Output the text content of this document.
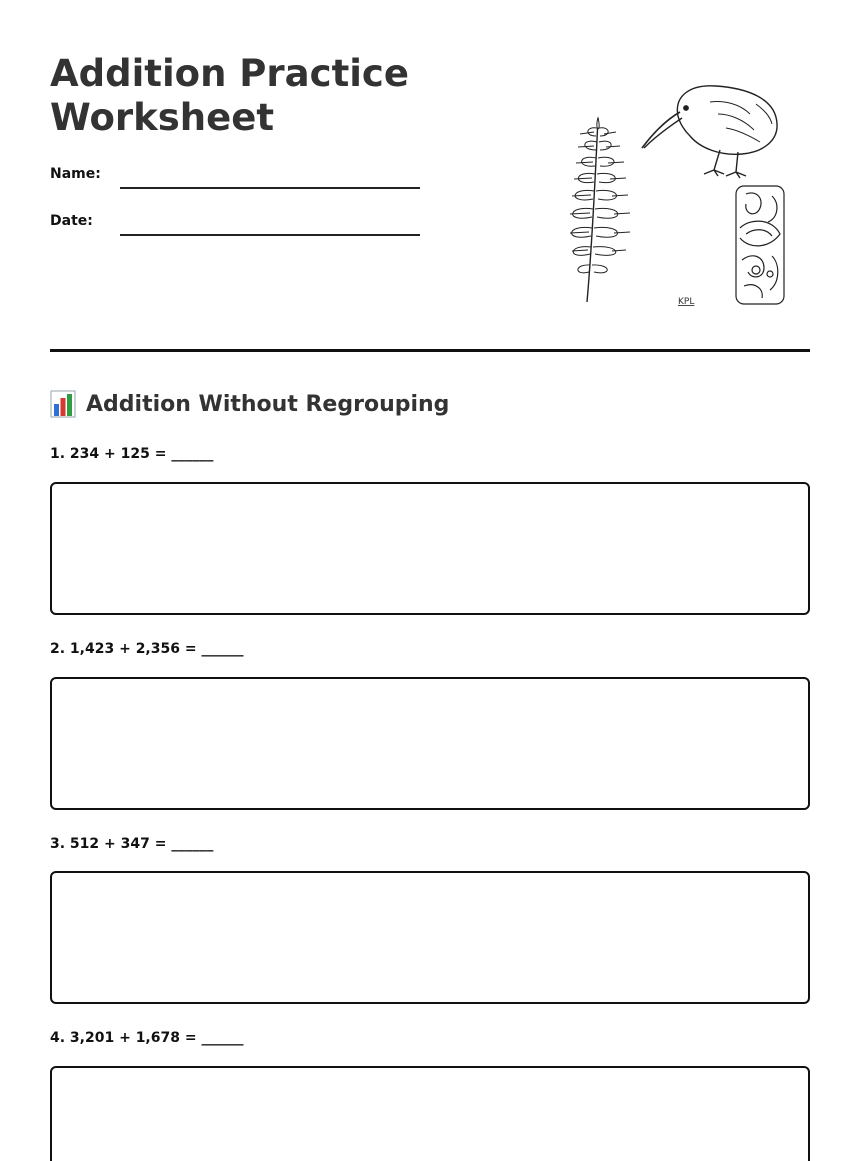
Addition Practice Worksheet
Name:
Date:
KPL
Addition Without Regrouping
1. 234 + 125 = ______
2. 1,423 + 2,356 = ______
3. 512 + 347 = ______
4. 3,201 + 1,678 = ______
